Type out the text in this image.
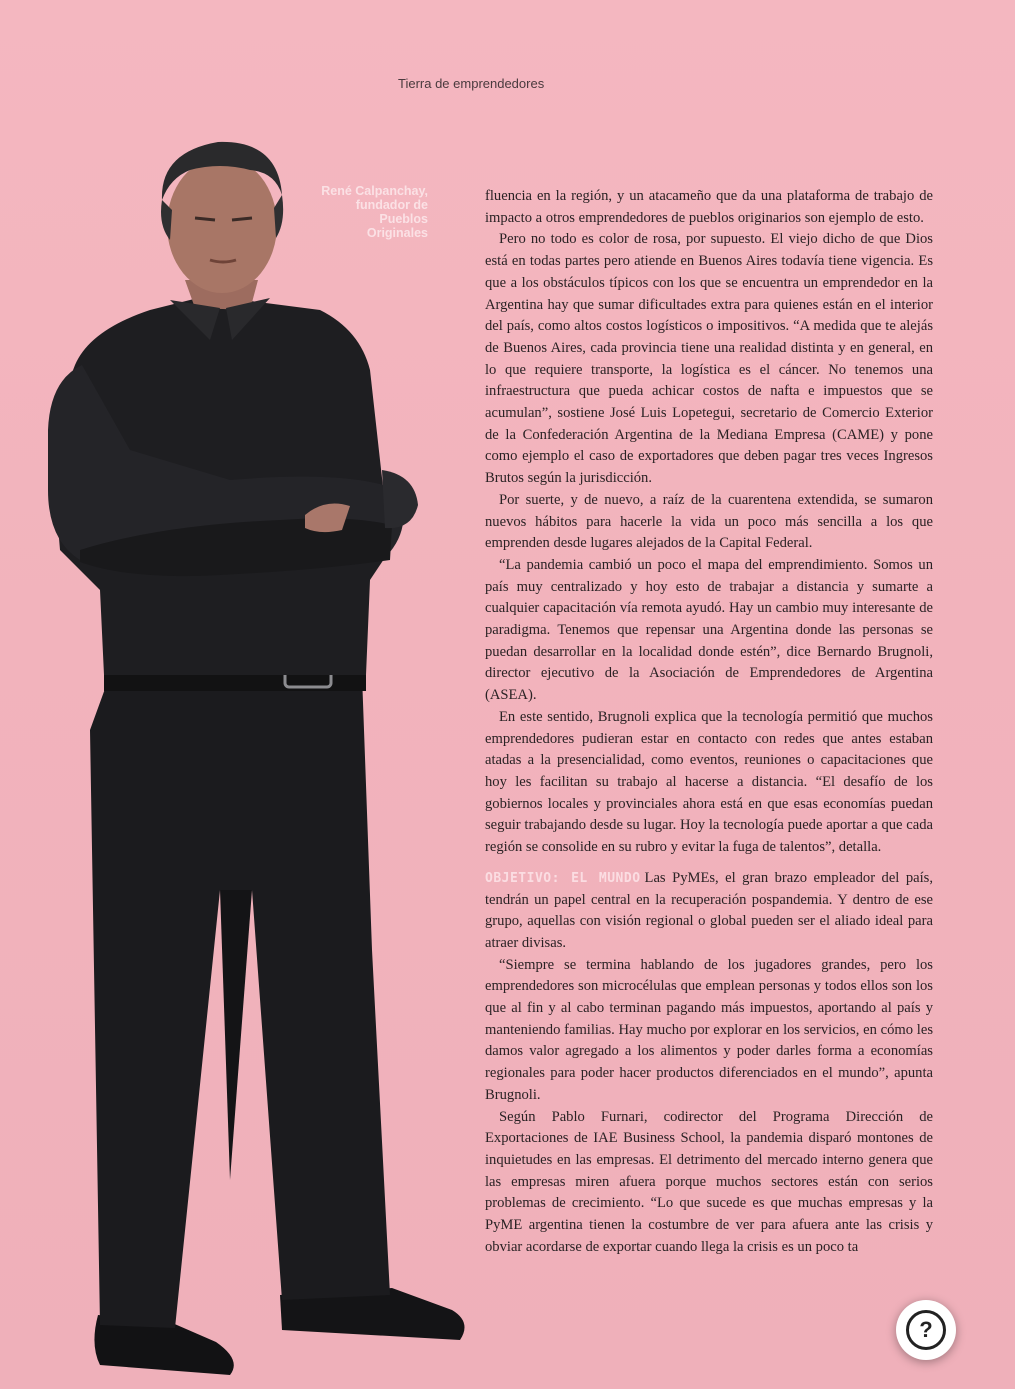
Tierra de emprendedores
René Calpanchay, fundador de Pueblos Originales

fluencia en la región, y un atacameño que da una plataforma de trabajo de impacto a otros emprendedores de pueblos originarios son ejemplo de esto.

Pero no todo es color de rosa, por supuesto. El viejo dicho de que Dios está en todas partes pero atiende en Buenos Aires todavía tiene vigencia. Es que a los obstáculos típicos con los que se encuentra un emprendedor en la Argentina hay que sumar dificultades extra para quienes están en el interior del país, como altos costos logísticos o impositivos. “A medida que te alejás de Buenos Aires, cada provincia tiene una realidad distinta y en general, en lo que requiere transporte, la logística es el cáncer. No tenemos una infraestructura que pueda achicar costos de nafta e impuestos que se acumulan”, sostiene José Luis Lopetegui, secretario de Comercio Exterior de la Confederación Argentina de la Mediana Empresa (CAME) y pone como ejemplo el caso de exportadores que deben pagar tres veces Ingresos Brutos según la jurisdicción.

Por suerte, y de nuevo, a raíz de la cuarentena extendida, se sumaron nuevos hábitos para hacerle la vida un poco más sencilla a los que emprenden desde lugares alejados de la Capital Federal.

“La pandemia cambió un poco el mapa del emprendimiento. Somos un país muy centralizado y hoy esto de trabajar a distancia y sumarte a cualquier capacitación vía remota ayudó. Hay un cambio muy interesante de paradigma. Tenemos que repensar una Argentina donde las personas se puedan desarrollar en la localidad donde estén”, dice Bernardo Brugnoli, director ejecutivo de la Asociación de Emprendedores de Argentina (ASEA).

En este sentido, Brugnoli explica que la tecnología permitió que muchos emprendedores pudieran estar en contacto con redes que antes estaban atadas a la presencialidad, como eventos, reuniones o capacitaciones que hoy les facilitan su trabajo al hacerse a distancia. “El desafío de los gobiernos locales y provinciales ahora está en que esas economías puedan seguir trabajando desde su lugar. Hoy la tecnología puede aportar a que cada región se consolide en su rubro y evitar la fuga de talentos”, detalla.

OBJETIVO: EL MUNDO Las PyMEs, el gran brazo empleador del país, tendrán un papel central en la recuperación pospandemia. Y dentro de ese grupo, aquellas con visión regional o global pueden ser el aliado ideal para atraer divisas.

“Siempre se termina hablando de los jugadores grandes, pero los emprendedores son microcélulas que emplean personas y todos ellos son los que al fin y al cabo terminan pagando más impuestos, aportando al país y manteniendo familias. Hay mucho por explorar en los servicios, en cómo les damos valor agregado a los alimentos y poder darles forma a economías regionales para poder hacer productos diferenciados en el mundo”, apunta Brugnoli.

Según Pablo Furnari, codirector del Programa Dirección de Exportaciones de IAE Business School, la pandemia disparó montones de inquietudes en las empresas. El detrimento del mercado interno genera que las empresas miren afuera porque muchos sectores están con serios problemas de crecimiento. “Lo que sucede es que muchas empresas y la PyME argentina tienen la costumbre de ver para afuera ante las crisis y obviar acordarse de exportar cuando llega la crisis es un poco ta

?
